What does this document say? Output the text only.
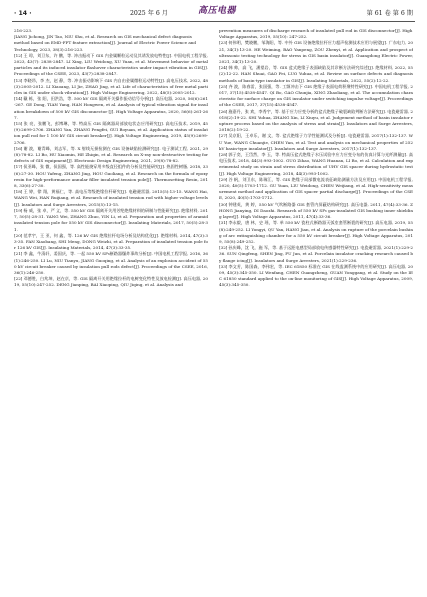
· 14 ·	2025 年 6 月	高压电器	第 61 卷 第 6 期

216-223.

JIANG Jichong, JIN Tao, NIU Shu, et al. Research on GIS mechanical defect diagnosis method based on EMD-FFT feature extraction[J]. Journal of Electric Power Science and Technology, 2023, 38(3):216-223.

[12]王 琼，刘卫东，许 鹏，等. 冲击振动下 GIS 内金属颗粒运动及其诱发放电特性[J]. 中国电机工程学报, 2023, 43(7): 2838-2847. LI Xing, LIU Weidong, XU Yuan, et al. Movement behavior of metal particles and its induced insulator flashover characteristics under impact vibration in GIS[J]. Proceedings of the CSEE, 2023, 43(7):2838-2847.

[13]李晓昂，李 杰，赵 静，等. 冲击振动影响下 GIS 内自由金属微粒运动特性[J]. 高电压技术, 2022, 48(3):2005-2012. LI Xiaoang, LI Jie, ZHAO Jing, et al. Life of characteristics of free metal particles in GIS under shock vibration[J]. High Voltage Engineering, 2022, 48(5):2005-2012.

[14]戴 栋，张 阳，田洪浩，等. 500 kV GIS 隔离开关操作振动信号分析[J]. 高压电器, 2020, 56(6):261-267. GE Dong, TIAN Yang, HAN Hongwen, et al. Analysis of typical vibration signal for insulation breakdown of 500 kV GIS disconnector [J]. High Voltage Apparatus, 2020, 56(6):261-267.

[15]张 亮，张鹏飞，彭博琳，等. 特高压 GIS 隔离器局部放电状态应用研究[J]. 高电压技术, 2019, 45(9):2699-2706. ZHANG Yan, ZHANG Pengfei, GUI Boyuan, et al. Application status of insulation pull rod for 1 100 kV GIS circuit breaker[J]. High Voltage Engineering, 2019, 45(9):2699-2706.

[16]谢 波，谢青峰，刘志军，等. X 射线无损检测在 GIS 设备缺陷检测研究[J]. 电子测试工程, 2021, 29(8):78-82. LI Bo, HU Xiaomin, HE Zhiqin, et al. Research on X-ray non-destructive testing for defects of GIS equipment[J]. Electronic Design Engineering, 2021, 29(8):78-82.

[17]侯亚峰，张 微，侯国强，等. 高性能烧穿用多级直径组件的分析及性能研究[J]. 热固性树脂, 2018, 33(6):27-30. HOU Yafeng, ZHANG Jing, HOU Guoliang, et al. Research on the formula of epoxy resin for high-performance annular filler insulated tension pole[J]. Thermosetting Resin, 2018, 33(6):27-30.

[18]王 婷，徐 翔，黄福仁，等. 高电压等级绝缘拉杆研究[J]. 电磁避雷器, 2015(5):13-15. WANG Hai, WANG Wei, HAN Ruijiang, et al. Research of insulated tension rod with higher voltage levels[J]. Insulators and Surge Arresters, 2015(5):13-15.

[19]杨 威，张 卓，严 义，等. 550 kV GIS 隔离开关用芳纶绝缘材料的研制与性能研究[J]. 绝缘材料, 2017, 50(5):28-31. YANG Wei, ZHANG Zhuo, YIN Li, et al. Preparation and properties of aramid insulated tension pole for 550 kV GIS disconnector[J]. Insulating Materials, 2017, 50(5):28-31.

[20]范孝宇，王 亚，何 鑫，等. 126 kV GIS 绝缘拉杆电场分析及结构优化[J]. 绝缘材料, 2014, 47(3):33-35. FAN Xiaobang, SHI Meng, DONG Weizhi, et al. Preparation of insulated tension pole for 126 kV GIS[J]. Insulating Materials, 2014, 47(3):33-35.

[21]李 鑫，牛清轩，姜国庆，等. 一起 550 kV SF₆断路器爆炸事故分析[J]. 中国电机工程学报, 2016, 36(1):246-250. LI Lu, NIU Tianyu, JIANG Guoqing, et al. Analysis of an explosion accident of 550 kV circuit breaker caused by insulation pull rods defect[J]. Proceedings of the CSEE, 2016, 36(1):246-250.

[22]邓德胜，白兆坤，赵在京，等. GIS 隔离开关用绝缘拉杆的电树变化特性及放电检测[J]. 高压电器, 2019, 55(10):247-252. DENG Jianping, BAI Xiaoping, QIU Jiqing, et al. Analysis and

prevention measures of discharge research of insulated pull rod in GIS disconnector[J]. High Voltage Apparatus, 2019, 55(10): 247-252.

[23]何伟明，樊晓鹏，邹海阳，等. 中外 GIS 设备绝缘拉杆应力超声检测技术应用与展望[J]. 广东电力, 2021, 34(1):13-20. HE Weiming, BAO Yanpeng, ZOU Zhenyi, et al. Application and prospect of ultrasonic testing technology for stress in GIS basin insulator[J]. Guangdong Electric Power, 2021, 34(1):13-20.

[24]韩 帅，高 飞，潘望岩，等. GIS 盆式绝缘子表面缺陷及其诊断方法研究综述[J]. 绝缘材料, 2022, 55(2):12-22. HAN Shuai, GAO Fei, LUO Yuhua, et al. Review on surface defects and diagnosis methods of basin-type insulator in GIS[J]. Insulating Materials, 2022, 55(2):12-22.

[25]齐 波，陈春雷，张国强，等. 工频冲击下 GIS 绝缘子表面电荷积聚特性研究[J]. 中国电机工程学报, 2017, 37(15):4538-4547. QI Bo, GAO Chunjia, XING Zhaoliang, et al. The accumulation characteristic for surface charge on GIS insulator under switching impulse voltage[J]. Proceedings of the CSEE, 2017, 37(15):4538-4547.

[26]施嘉丹，张 欢，李秀宇，等. 基于应力应变分析的盆式绝缘子破裂缺陷判断方法研究[J]. 电瓷避雷器, 2018(2):19-22. SHI Yuhua, ZHANG Xin, LI Xiuyu, et al. Judgement method of basin insulator rupture process based on the analysis of stress and strain[J]. Insulators and Surge Arresters, 2018(2):19-22.

[27]吴京阳，王卓乐，谢 文，等. 盆式绝缘子力学性能测试及分析[J]. 电瓷避雷器, 2017(1):132-137. WU Yue, WANG Chuanjie, CHEN Yan, et al. Test and analysis on mechanical properties of 252 kV basin-type insulator[J]. Insulators and Surge Arresters, 2017(1):132-137.

[28]郭子奕，王岱然，李 玉，等. 特高压盆式绝缘子水压试验中应力应变分布的仿真计算与光纤测量[J]. 高电压技术, 2018, 44(3):993-1002. GUO Zihao, WANG Huanan, LI Bo, et al. Calculation and experimental study on strain and stress distribution of UHV GIS spacer during hydrostatic test[J]. High Voltage Engineering, 2018, 44(3):993-1002.

[29]谷 帆，刘卫东，陈瑞江，等. GIS 绝缘子局部微电流表征缺陷测量方法及应用[J]. 中国电机工程学报, 2020, 40(5):1703-1712. GU Yuan, LIU Weidong, CHEN Weijiang, et al. High-sensitivity measurement method and application of GIS spacer partial discharge[J]. Proceedings of the CSEE, 2020, 40(5):1703-1712.

[30]钟建英，黄 婷，550 kV 气吹断路器 GIS 套管内屏蔽结构研究[J]. 高压电器, 2011, 47(4):33-36. ZHONG Jianying, DI Daozhi. Research of 550 kV SF₆ gas-insulated GIS bushing inner shielding layer[J]. High Voltage Apparatus, 2011, 47(4):33-36.

[31]李永毅，唐 林，史 瑶，等. 单 550 kV 瓷柱式断路器灭弧室套管断裂的研究[J]. 高压电器, 2019, 55(8):249-252. LI Yongyi, QU Yan, HANG Jian, et al. Analysis on rupture of the porcelain bushing of arc extinguishing chamber for a 550 kV circuit breaker[J]. High Voltage Apparatus, 2019, 55(8):249-252.

[32]孙庆峰，沈 飞，施 军，等. 基于远距电感型局部放电传感器特性研究[J]. 电瓷避雷器, 2021(1):229-236. SUN Qingfeng, SHEN Jing, FU Jun, et al. Porcelain insulator cracking research caused by flange icing[J]. Insulators and Surge Arresters, 2021(1):229-236.

[33]李文芳，陈国森，李伟宏，等. IEC 61850 标准在 GIS 在线监测系统中的应用研究[J]. 高压电器, 2009, 45(3):345-350. LI Wenfang, CHEN Guangzheng, GUAN Yonggang, et al. Study on the IEC 61850 standard applied to the on-line monitoring of GIS[J]. High Voltage Apparatus, 2009, 45(3):345-350.
